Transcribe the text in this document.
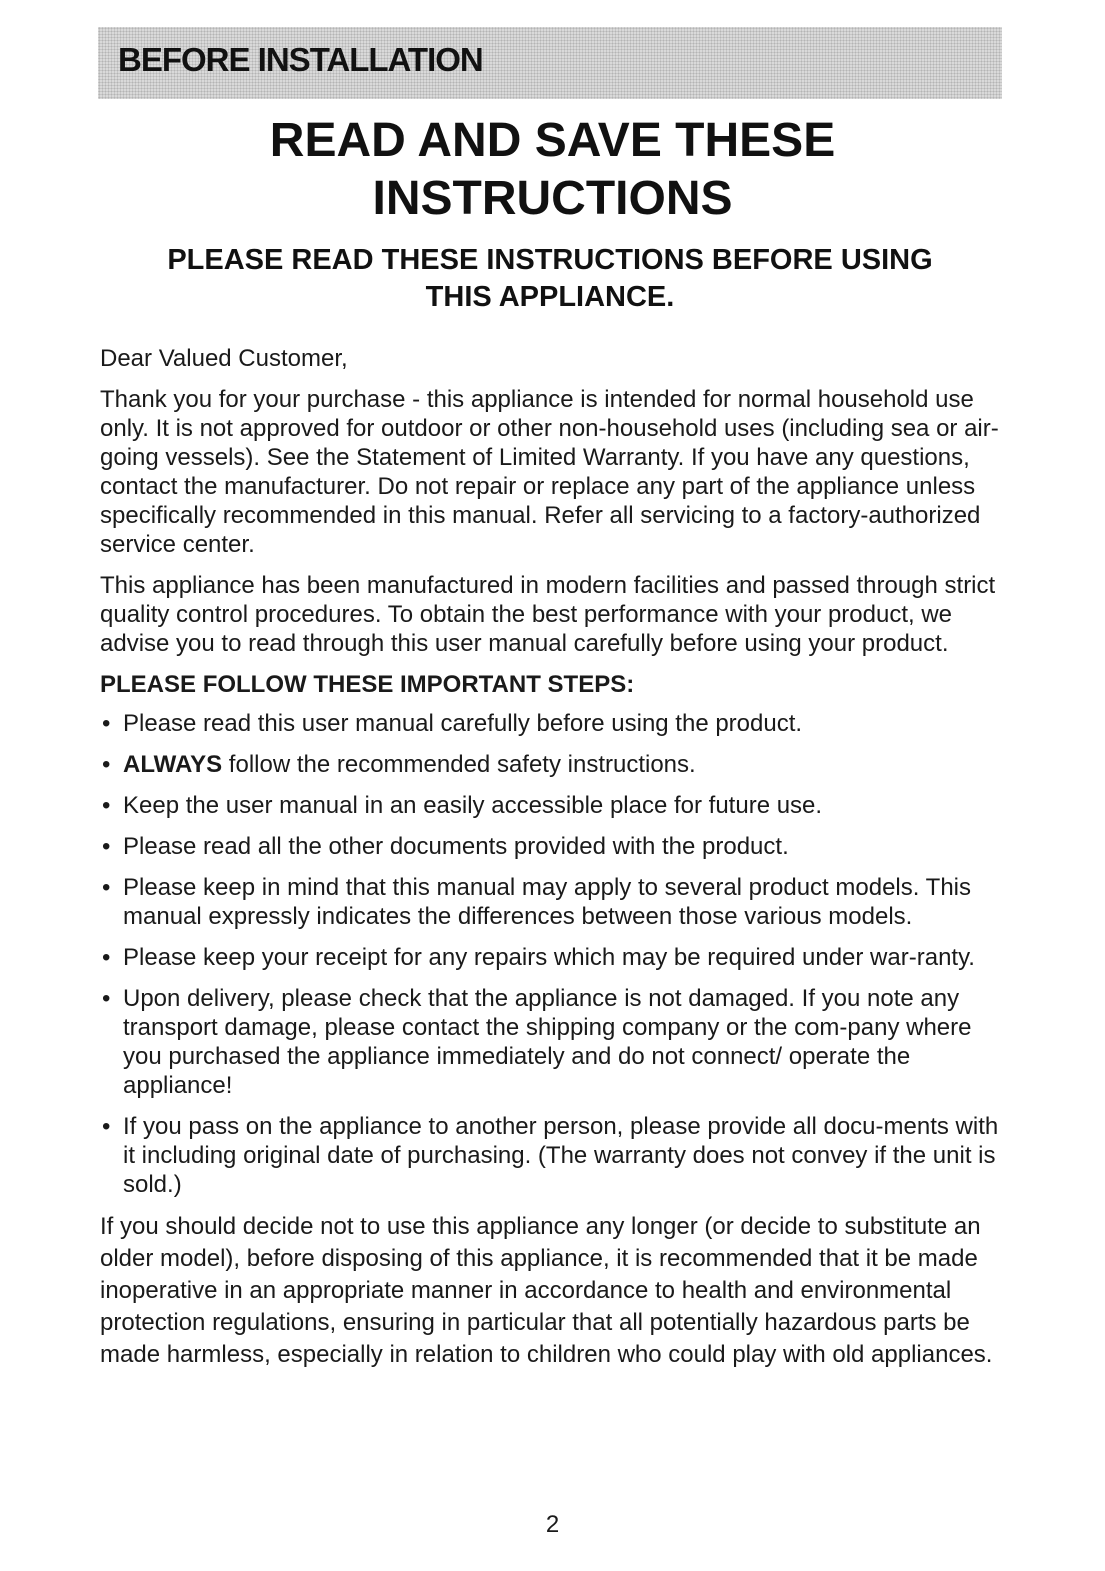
BEFORE INSTALLATION
READ AND SAVE THESE
INSTRUCTIONS
PLEASE READ THESE INSTRUCTIONS BEFORE USING
THIS APPLIANCE.

Dear Valued Customer,

Thank you for your purchase - this appliance is intended for normal household use only. It is not approved for outdoor or other non-household uses (including sea or air-going vessels). See the Statement of Limited Warranty. If you have any questions, contact the manufacturer. Do not repair or replace any part of the appliance unless specifically recommended in this manual. Refer all servicing to a factory-authorized service center.

This appliance has been manufactured in modern facilities and passed through strict quality control procedures. To obtain the best performance with your product, we advise you to read through this user manual carefully before using your product.

PLEASE FOLLOW THESE IMPORTANT STEPS:
• Please read this user manual carefully before using the product.
• ALWAYS follow the recommended safety instructions.
• Keep the user manual in an easily accessible place for future use.
• Please read all the other documents provided with the product.
• Please keep in mind that this manual may apply to several product models. This manual expressly indicates the differences between those various models.
• Please keep your receipt for any repairs which may be required under war-ranty.
• Upon delivery, please check that the appliance is not damaged. If you note any transport damage, please contact the shipping company or the com-pany where you purchased the appliance immediately and do not connect/ operate the appliance!
• If you pass on the appliance to another person, please provide all docu-ments with it including original date of purchasing. (The warranty does not convey if the unit is sold.)

If you should decide not to use this appliance any longer (or decide to substitute an older model), before disposing of this appliance, it is recommended that it be made inoperative in an appropriate manner in accordance to health and environmental protection regulations, ensuring in particular that all potentially hazardous parts be made harmless, especially in relation to children who could play with old appliances.

2
